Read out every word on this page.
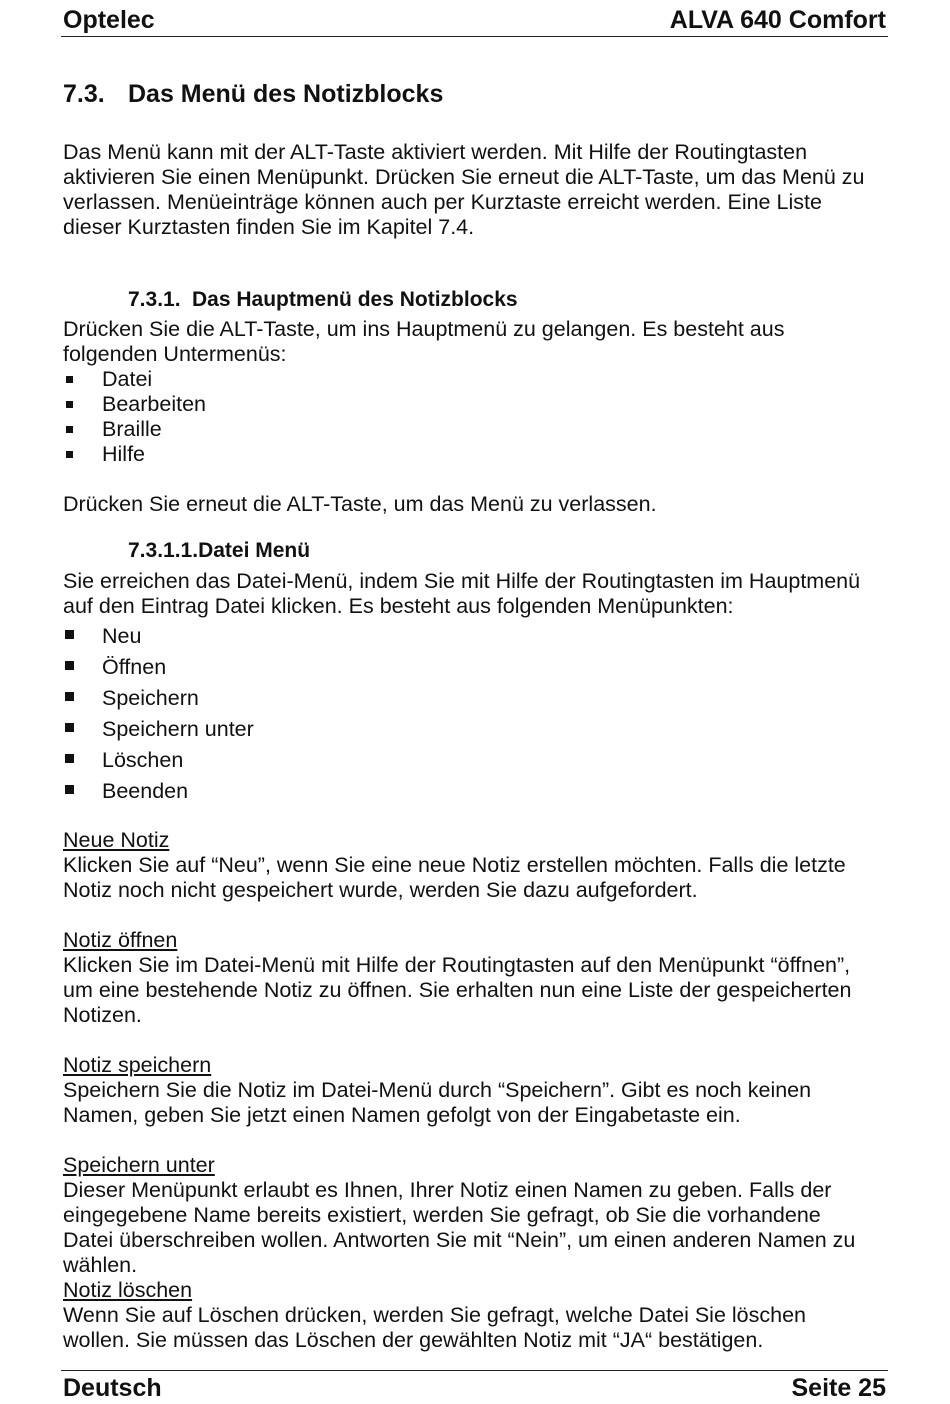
Optelec	ALVA 640 Comfort
7.3. Das Menü des Notizblocks

Das Menü kann mit der ALT-Taste aktiviert werden. Mit Hilfe der Routingtasten

aktivieren Sie einen Menüpunkt. Drücken Sie erneut die ALT-Taste, um das Menü zu

verlassen. Menüeinträge können auch per Kurztaste erreicht werden. Eine Liste

dieser Kurztasten finden Sie im Kapitel 7.4.

7.3.1. Das Hauptmenü des Notizblocks

Drücken Sie die ALT-Taste, um ins Hauptmenü zu gelangen. Es besteht aus

folgenden Untermenüs:

Datei
Bearbeiten
Braille
Hilfe

Drücken Sie erneut die ALT-Taste, um das Menü zu verlassen.

7.3.1.1.Datei Menü

Sie erreichen das Datei-Menü, indem Sie mit Hilfe der Routingtasten im Hauptmenü

auf den Eintrag Datei klicken. Es besteht aus folgenden Menüpunkten:

Neu
Öffnen
Speichern
Speichern unter
Löschen
Beenden

Neue Notiz

Klicken Sie auf “Neu”, wenn Sie eine neue Notiz erstellen möchten. Falls die letzte

Notiz noch nicht gespeichert wurde, werden Sie dazu aufgefordert.

Notiz öffnen

Klicken Sie im Datei-Menü mit Hilfe der Routingtasten auf den Menüpunkt “öffnen”,

um eine bestehende Notiz zu öffnen. Sie erhalten nun eine Liste der gespeicherten

Notizen.

Notiz speichern

Speichern Sie die Notiz im Datei-Menü durch “Speichern”. Gibt es noch keinen

Namen, geben Sie jetzt einen Namen gefolgt von der Eingabetaste ein.

Speichern unter

Dieser Menüpunkt erlaubt es Ihnen, Ihrer Notiz einen Namen zu geben. Falls der

eingegebene Name bereits existiert, werden Sie gefragt, ob Sie die vorhandene

Datei überschreiben wollen. Antworten Sie mit “Nein”, um einen anderen Namen zu

wählen.

Notiz löschen

Wenn Sie auf Löschen drücken, werden Sie gefragt, welche Datei Sie löschen

wollen. Sie müssen das Löschen der gewählten Notiz mit “JA“ bestätigen.

Deutsch	Seite 25
